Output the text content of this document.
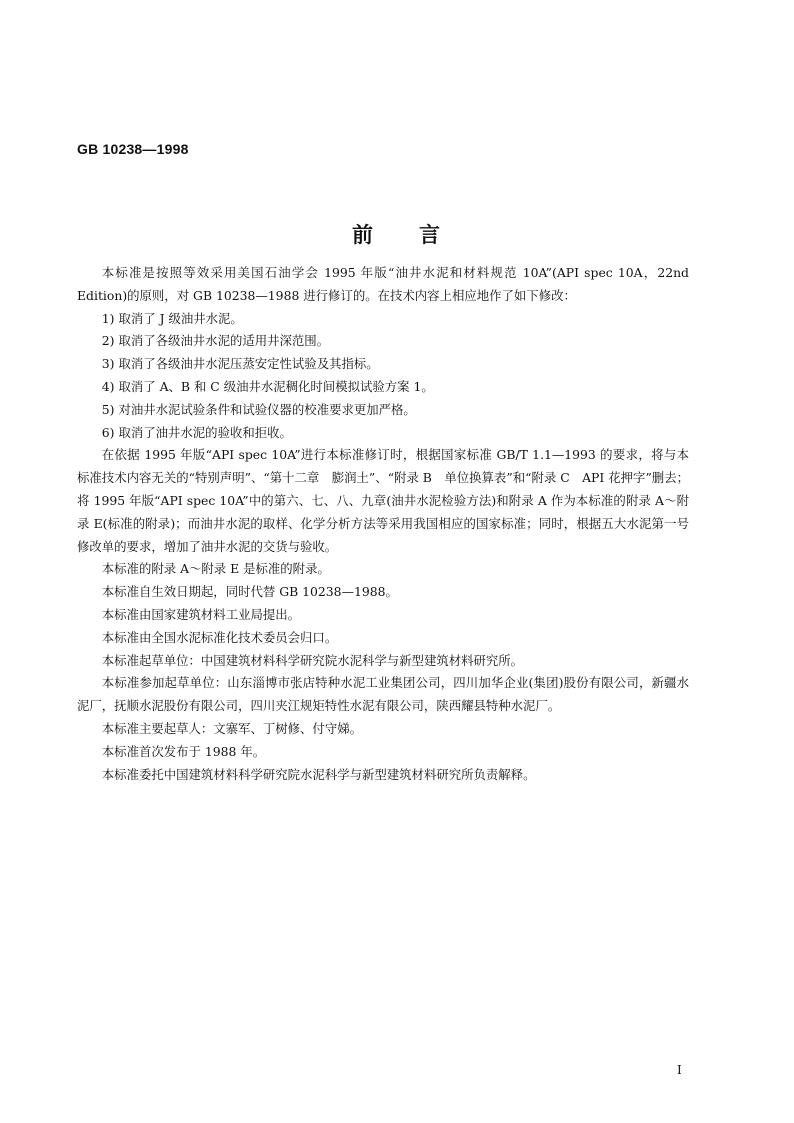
GB 10238—1998
前 言

本标准是按照等效采用美国石油学会 1995 年版“油井水泥和材料规范 10A”(API spec 10A，22nd Edition)的原则，对 GB 10238—1988 进行修订的。在技术内容上相应地作了如下修改：

1) 取消了 J 级油井水泥。

2) 取消了各级油井水泥的适用井深范围。

3) 取消了各级油井水泥压蒸安定性试验及其指标。

4) 取消了 A、B 和 C 级油井水泥稠化时间模拟试验方案 1。

5) 对油井水泥试验条件和试验仪器的校准要求更加严格。

6) 取消了油井水泥的验收和拒收。

在依据 1995 年版“API spec 10A”进行本标准修订时，根据国家标准 GB/T 1.1—1993 的要求，将与本标准技术内容无关的“特别声明”、“第十二章　膨润土”、“附录 B　单位换算表”和“附录 C　API 花押字”删去；将 1995 年版“API spec 10A”中的第六、七、八、九章(油井水泥检验方法)和附录 A 作为本标准的附录 A～附录 E(标准的附录)；而油井水泥的取样、化学分析方法等采用我国相应的国家标准；同时，根据五大水泥第一号修改单的要求，增加了油井水泥的交货与验收。

本标准的附录 A～附录 E 是标准的附录。

本标准自生效日期起，同时代替 GB 10238—1988。

本标准由国家建筑材料工业局提出。

本标准由全国水泥标准化技术委员会归口。

本标准起草单位：中国建筑材料科学研究院水泥科学与新型建筑材料研究所。

本标准参加起草单位：山东淄博市张店特种水泥工业集团公司，四川加华企业(集团)股份有限公司，新疆水泥厂，抚顺水泥股份有限公司，四川夹江规矩特性水泥有限公司，陕西耀县特种水泥厂。

本标准主要起草人：文寨军、丁树修、付守娣。

本标准首次发布于 1988 年。

本标准委托中国建筑材料科学研究院水泥科学与新型建筑材料研究所负责解释。

I
